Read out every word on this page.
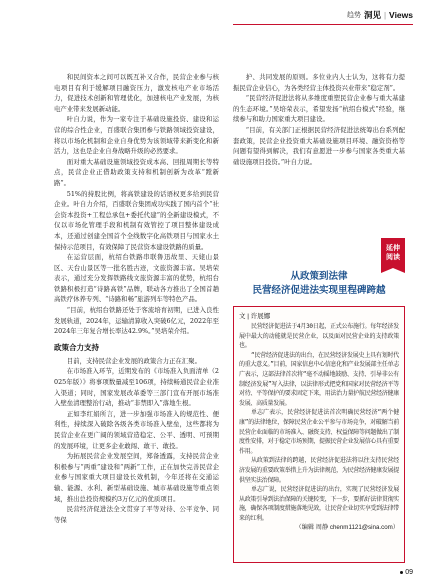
趋势 洞见 | Views

和民间资本之间可以既互补又合作，民营企业参与核电项目有利于缓解项目融资压力，激发核电产业市场活力，促进技术创新和管理优化，加速核电产业发展，为核电产业带来发展新动能。

叶自力说，作为一家专注于基础设施投资、建设和运营的综合性企业，百盛联合集团参与铁路领域投资建设，将以市场化机制和企业自身优势为该领域带来新变化和新活力，这也是企业自身战略升级的必然要求。

面对重大基础设施领域投资成本高、回报周期长等特点，民营企业正借助政策支持和机制创新为改革“蹚新路”。

51%的持股比例，将高铁建设的话语权更多给到民营企业。叶自力介绍，百盛联合集团成功实践了国内首个“社会资本投资+工程总承包+委托代建”的全新建设模式，不仅以市场化管理手段和机制有效管控了项目整体建设成本，还通过创建全国首个全线数字化高铁项目与国家水土保持示范项目，有效保障了民营资本建设铁路的质量。

在运营层面，杭绍台铁路串联鲁迅故里、天姥山景区、天台山景区等一批名胜古迹，文旅资源丰富。吴培荣表示，通过充分发挥铁路线文旅资源丰富的优势，杭绍台铁路积极打造“诗路高铁”品牌，联动各方推出了全国首趟高铁疗休养专列、“诗路和畅”旅游列车等特色产品。

“目前，杭绍台铁路还处于客流培育初期，已进入良性发展轨道，2024年，运输清算收入突破6亿元，2022年至2024年三年复合增长率达42.9%。”吴培荣介绍。

政策合力支持

目前，支持民营企业发展的政策合力正在汇聚。

在市场准入环节，近期发布的《市场准入负面清单（2025年版）》将事项数量减至106项，持续畅通民营企业准入渠道；同时，国家发展改革委等三部门宣布开展市场准入壁垒清理整治行动，推动“非禁即入”落地生根。

正如李红娟所言，进一步加强市场准入的规范性、便利性，持续深入破除各级各类市场准入壁垒，这些都将为民营企业在更广阔的领域营造稳定、公平、透明、可预期的发展环境，让更多企业敢闯、敢干、敢投。

为拓展民营企业发展空间，郑备透露，支持民营企业积极参与“两重”建设和“两新”工作，正在加快完善民营企业参与国家重大项目建设长效机制，今年还将在交通运输、能源、水利、新型基础设施、城市基础设施等重点领域，推出总投资规模约3万亿元的优质项目。

民营经济促进法全文贯穿了平等对待、公平竞争、同等保

护、共同发展的原则。多位业内人士认为，这将有力提振民营企业信心，为各类经营主体投资兴业带来“稳定剂”。

“民营经济促进法将从多维度重塑民营企业参与重大基建的生态环境。”吴培荣表示，希望发扬“杭绍台模式”经验，继续参与和助力国家重大项目建设。

“目前，有关部门正根据民营经济促进法统筹出台系列配套政策，民营企业投资重大基础设施项目环境、融资资格等问题有望得到解决，我们有意愿进一步参与国家各类重大基础设施项目投资。”叶自力说。

延伸
阅读
从政策到法律
民营经济促进法实现里程碑跨越
文 | 许展娜

民营经济促进法于4月30日起，正式公布施行。每年经济发展中最大的动能就是民营企业，以及面对民营企业的支持政策也。

“民营经济促进法的出台，在民营经济发展史上具有划时代的重大意义。”目前，国家信息中心信息化和产业发展部主任单志广表示，这部法律首次将“毫不动摇地鼓励、支持、引导非公有制经济发展”写入法律，以法律形式把党和国家对民营经济平等对待、平等保护的要求固定下来，用法治力量护航民营经济健康发展、高质量发展。

单志广表示，民营经济促进法首次明确民营经济“两个健康”的法律地位，保障民营企业公平参与市场竞争，对破解当前民营企业面临的市场准入、融资支持、权益保障等问题做出了制度性安排，对于稳定市场预期，提振民营企业发展信心具有重要作用。

从政策到法律的跨越，民营经济促进法将以往支持民营经济发展的重要政策举措上升为法律规范，为民营经济健康发展提供坚实法治保障。

单志广说，民营经济促进法的出台，实现了民营经济发展从政策引导到法治保障的关键转变，下一步，要抓好法律贯彻实施，确保各项制度措施落地见效，让民营企业切实享受到法律带来的红利。

（编辑 周静 chenm1121@sina.com）
09
